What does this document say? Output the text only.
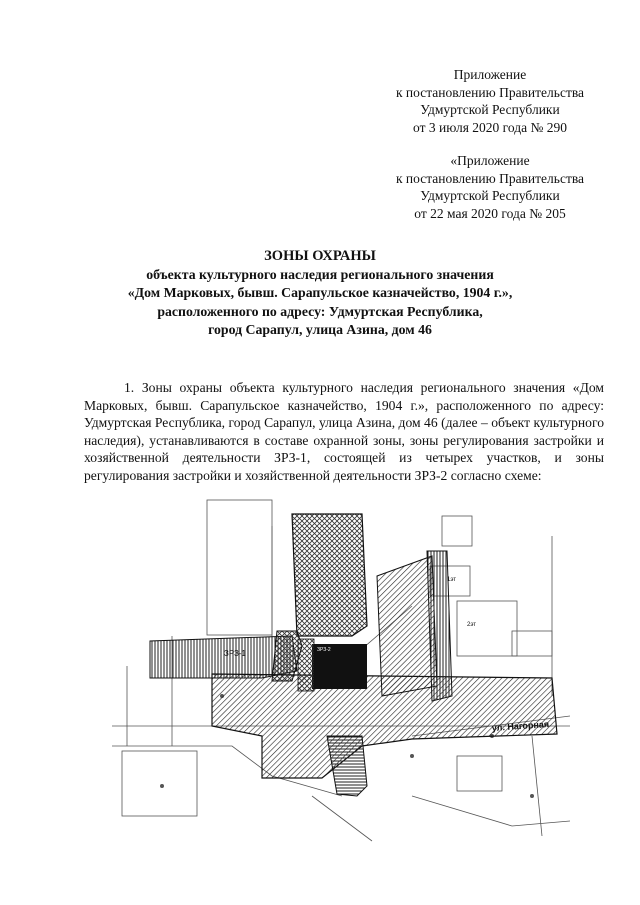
Приложение
к постановлению Правительства
Удмуртской Республики
от 3 июля 2020 года № 290
«Приложение
к постановлению Правительства
Удмуртской Республики
от 22 мая 2020 года № 205
ЗОНЫ ОХРАНЫ
объекта культурного наследия регионального значения
«Дом Марковых, бывш. Сарапульское казначейство, 1904 г.»,
расположенного по адресу: Удмуртская Республика,
город Сарапул, улица Азина, дом 46
1. Зоны охраны объекта культурного наследия регионального значения «Дом Марковых, бывш. Сарапульское казначейство, 1904 г.», расположенного по адресу: Удмуртская Республика, город Сарапул, улица Азина, дом 46 (далее – объект культурного наследия), устанавливаются в составе охранной зоны, зоны регулирования застройки и хозяйственной деятельности ЗРЗ-1, состоящей из четырех участков, и зоны регулирования застройки и хозяйственной деятельности ЗРЗ-2 согласно схеме:
ул. Нагорная
ЗРЗ-1	ЗРЗ-2
1эт
2эт
